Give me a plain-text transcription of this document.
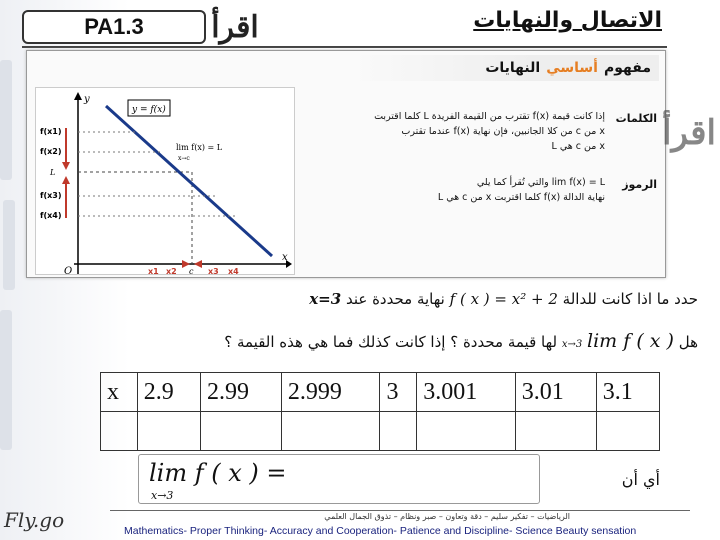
PA1.3 اقرأ	الاتصال والنهايات
مفهوم
أساسي
النهايات
y = f(x)
lim f(x) = L
x→c
y
x
O
f(x1)
f(x2)
L
f(x3)
f(x4)
x1 x2 c x3 x4
الكلمات
إذا كانت قيمة f(x) تقترب من القيمة الفريدة L كلما اقتربت
x من c من كلا الجانبين، فإن نهاية f(x) عندما تقترب
x من c هي L
الرموز
lim f(x) = L والتي تُقرأ كما يلي
نهاية الدالة f(x) كلما اقتربت x من c هي L
اقرأ
حدد ما اذا كانت للدالة f ( x ) = x² + 2 نهاية محددة عند x=3
هل lim f ( x ) x→3 لها قيمة محددة ؟ إذا كانت كذلك فما هي هذه القيمة ؟
x	2.9	2.99	2.999	3	3.001	3.01	3.1

lim f ( x ) =
x→3
أي أن
Fly.go	الرياضيات – تفكير سليم – دقة وتعاون – صبر ونظام – تذوق الجمال العلمي
Mathematics- Proper Thinking- Accuracy and Cooperation- Patience and Discipline- Science Beauty sensation
